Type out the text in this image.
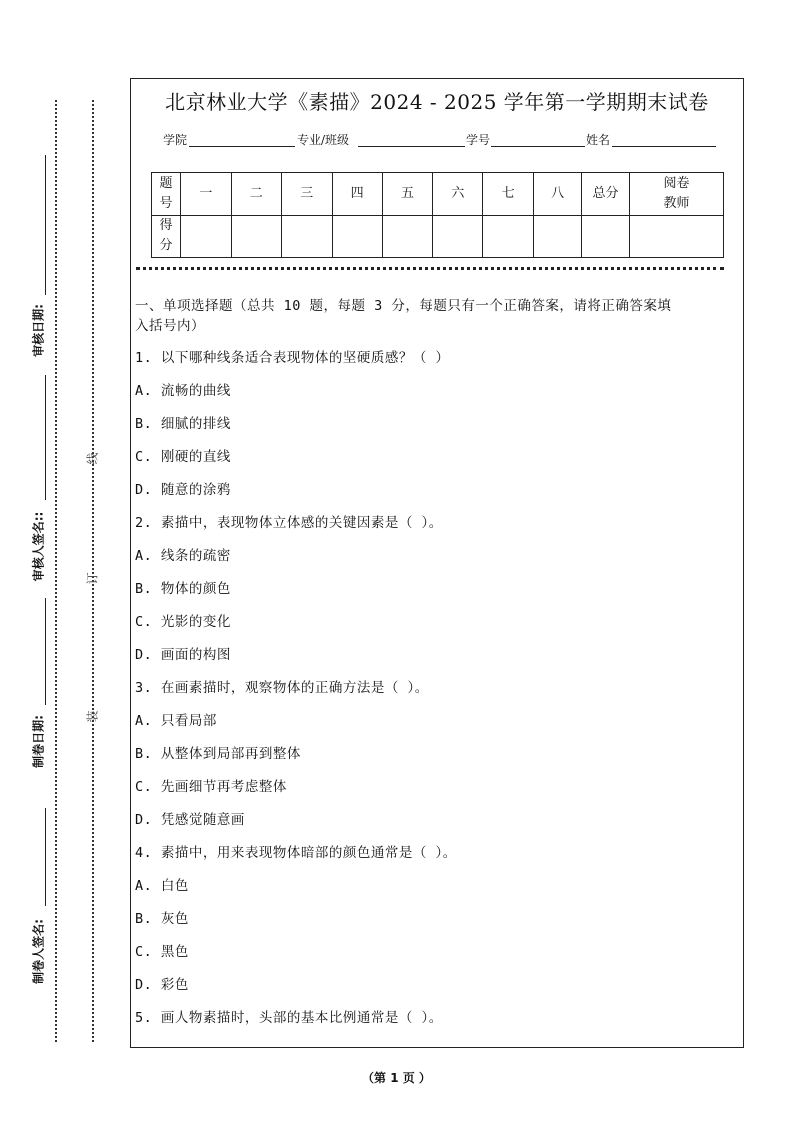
审核日期:
审核人签名::
制卷日期:
制卷人签名:
线
订
装
北京林业大学《素描》2024 - 2025 学年第一学期期末试卷
学院	专业/班级	学号	姓名
题号	一	二	三	四	五	六	七	八	总分	阅卷教师
得分										
一、单项选择题（总共 10 题，每题 3 分，每题只有一个正确答案，请将正确答案填
入括号内）
1. 以下哪种线条适合表现物体的坚硬质感？（ ）
A. 流畅的曲线
B. 细腻的排线
C. 刚硬的直线
D. 随意的涂鸦
2. 素描中，表现物体立体感的关键因素是（ ）。
A. 线条的疏密
B. 物体的颜色
C. 光影的变化
D. 画面的构图
3. 在画素描时，观察物体的正确方法是（ ）。
A. 只看局部
B. 从整体到局部再到整体
C. 先画细节再考虑整体
D. 凭感觉随意画
4. 素描中，用来表现物体暗部的颜色通常是（ ）。
A. 白色
B. 灰色
C. 黑色
D. 彩色
5. 画人物素描时，头部的基本比例通常是（ ）。
（第 1 页 ）
